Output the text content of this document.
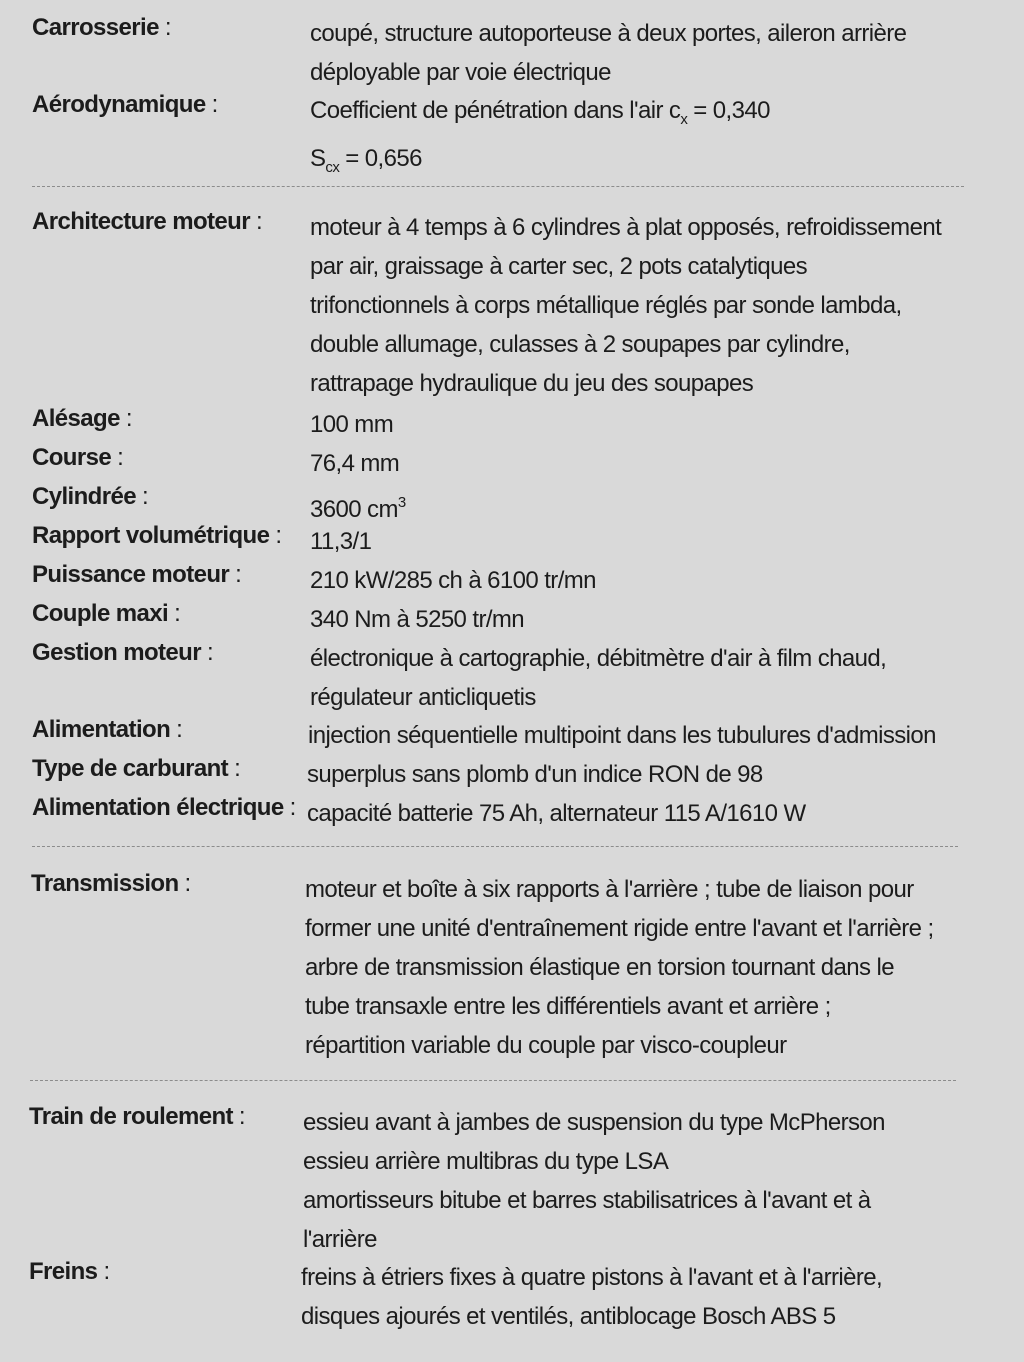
Carrosserie :	coupé, structure autoporteuse à deux portes, aileron arrière
déployable par voie électrique
Aérodynamique :	Coefficient de pénétration dans l'air $c_x = 0,340$
$S_{cx} = 0,656$
Architecture moteur : moteur à 4 temps à 6 cylindres à plat opposés, refroidissement
par air, graissage à carter sec, 2 pots catalytiques
trifonctionnels à corps métallique réglés par sonde lambda,
double allumage, culasses à 2 soupapes par cylindre,
rattrapage hydraulique du jeu des soupapes
Alésage :	100 mm
Course :	76,4 mm
Cylindrée :	3600 $cm^3$
Rapport volumétrique : 11,3/1
Puissance moteur :	210 kW/285 ch à 6100 tr/mn
Couple maxi :	340 Nm à 5250 tr/mn
Gestion moteur :	électronique à cartographie, débitmètre d'air à film chaud,
régulateur anticliquetis
Alimentation :	injection séquentielle multipoint dans les tubulures d'admission
Type de carburant :	superplus sans plomb d'un indice RON de 98
Alimentation électrique : capacité batterie 75 Ah, alternateur 115 A/1610 W
Transmission :	moteur et boîte à six rapports à l'arrière ; tube de liaison pour
former une unité d'entraînement rigide entre l'avant et l'arrière ;
arbre de transmission élastique en torsion tournant dans le
tube transaxle entre les différentiels avant et arrière ;
répartition variable du couple par visco-coupleur
Train de roulement : essieu avant à jambes de suspension du type McPherson
essieu arrière multibras du type LSA
amortisseurs bitube et barres stabilisatrices à l'avant et à
l'arrière
Freins :	freins à étriers fixes à quatre pistons à l'avant et à l'arrière,
disques ajourés et ventilés, antiblocage Bosch ABS 5
